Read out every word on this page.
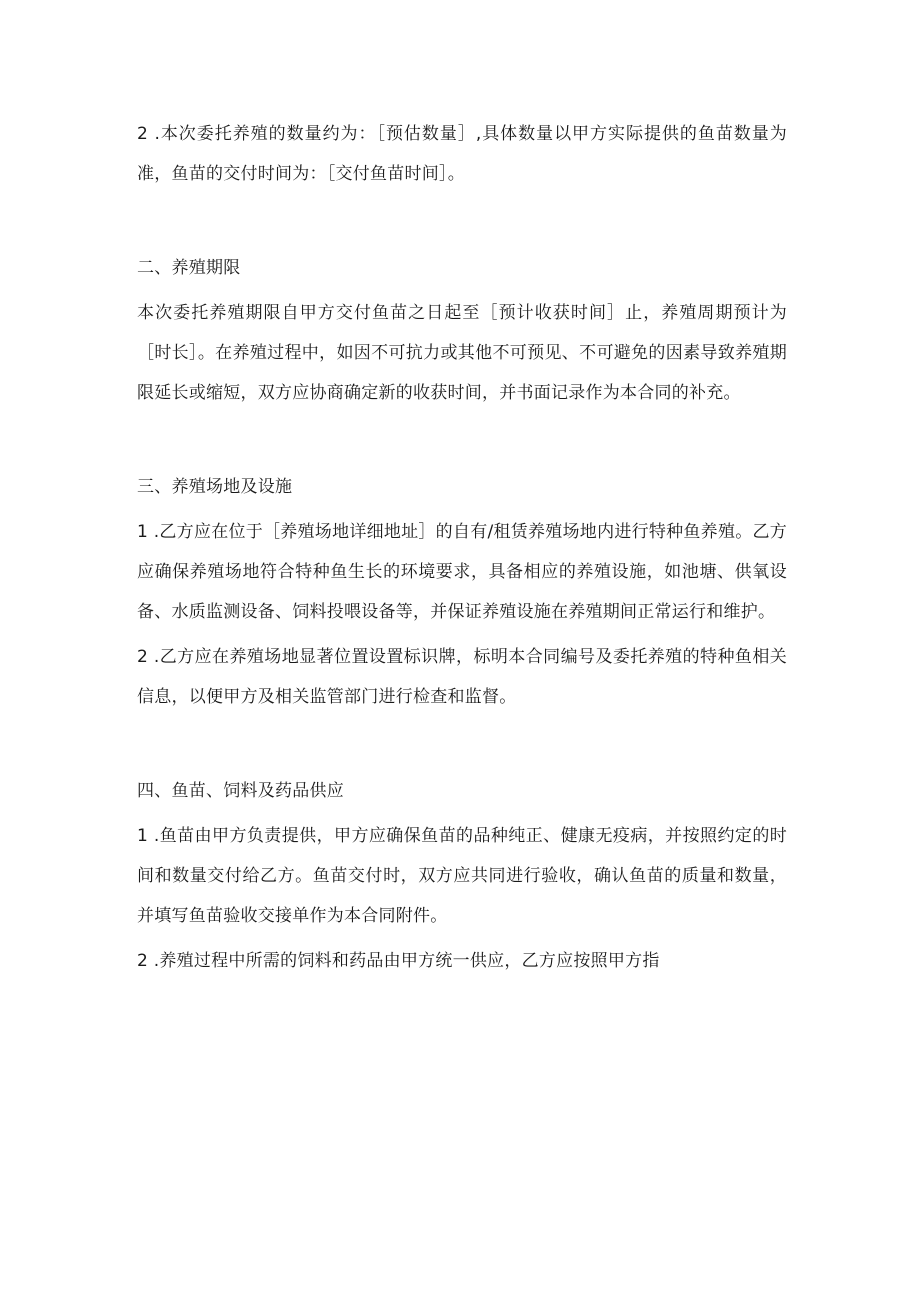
2 .本次委托养殖的数量约为：［预估数量］,具体数量以甲方实际提供的鱼苗数量为准，鱼苗的交付时间为：［交付鱼苗时间］。

二、养殖期限

本次委托养殖期限自甲方交付鱼苗之日起至［预计收获时间］止，养殖周期预计为［时长］。在养殖过程中，如因不可抗力或其他不可预见、不可避免的因素导致养殖期限延长或缩短，双方应协商确定新的收获时间，并书面记录作为本合同的补充。

三、养殖场地及设施

1 .乙方应在位于［养殖场地详细地址］的自有/租赁养殖场地内进行特种鱼养殖。乙方应确保养殖场地符合特种鱼生长的环境要求，具备相应的养殖设施，如池塘、供氧设备、水质监测设备、饲料投喂设备等，并保证养殖设施在养殖期间正常运行和维护。

2 .乙方应在养殖场地显著位置设置标识牌，标明本合同编号及委托养殖的特种鱼相关信息，以便甲方及相关监管部门进行检查和监督。

四、鱼苗、饲料及药品供应

1 .鱼苗由甲方负责提供，甲方应确保鱼苗的品种纯正、健康无疫病，并按照约定的时间和数量交付给乙方。鱼苗交付时，双方应共同进行验收，确认鱼苗的质量和数量，并填写鱼苗验收交接单作为本合同附件。

2 .养殖过程中所需的饲料和药品由甲方统一供应，乙方应按照甲方指
